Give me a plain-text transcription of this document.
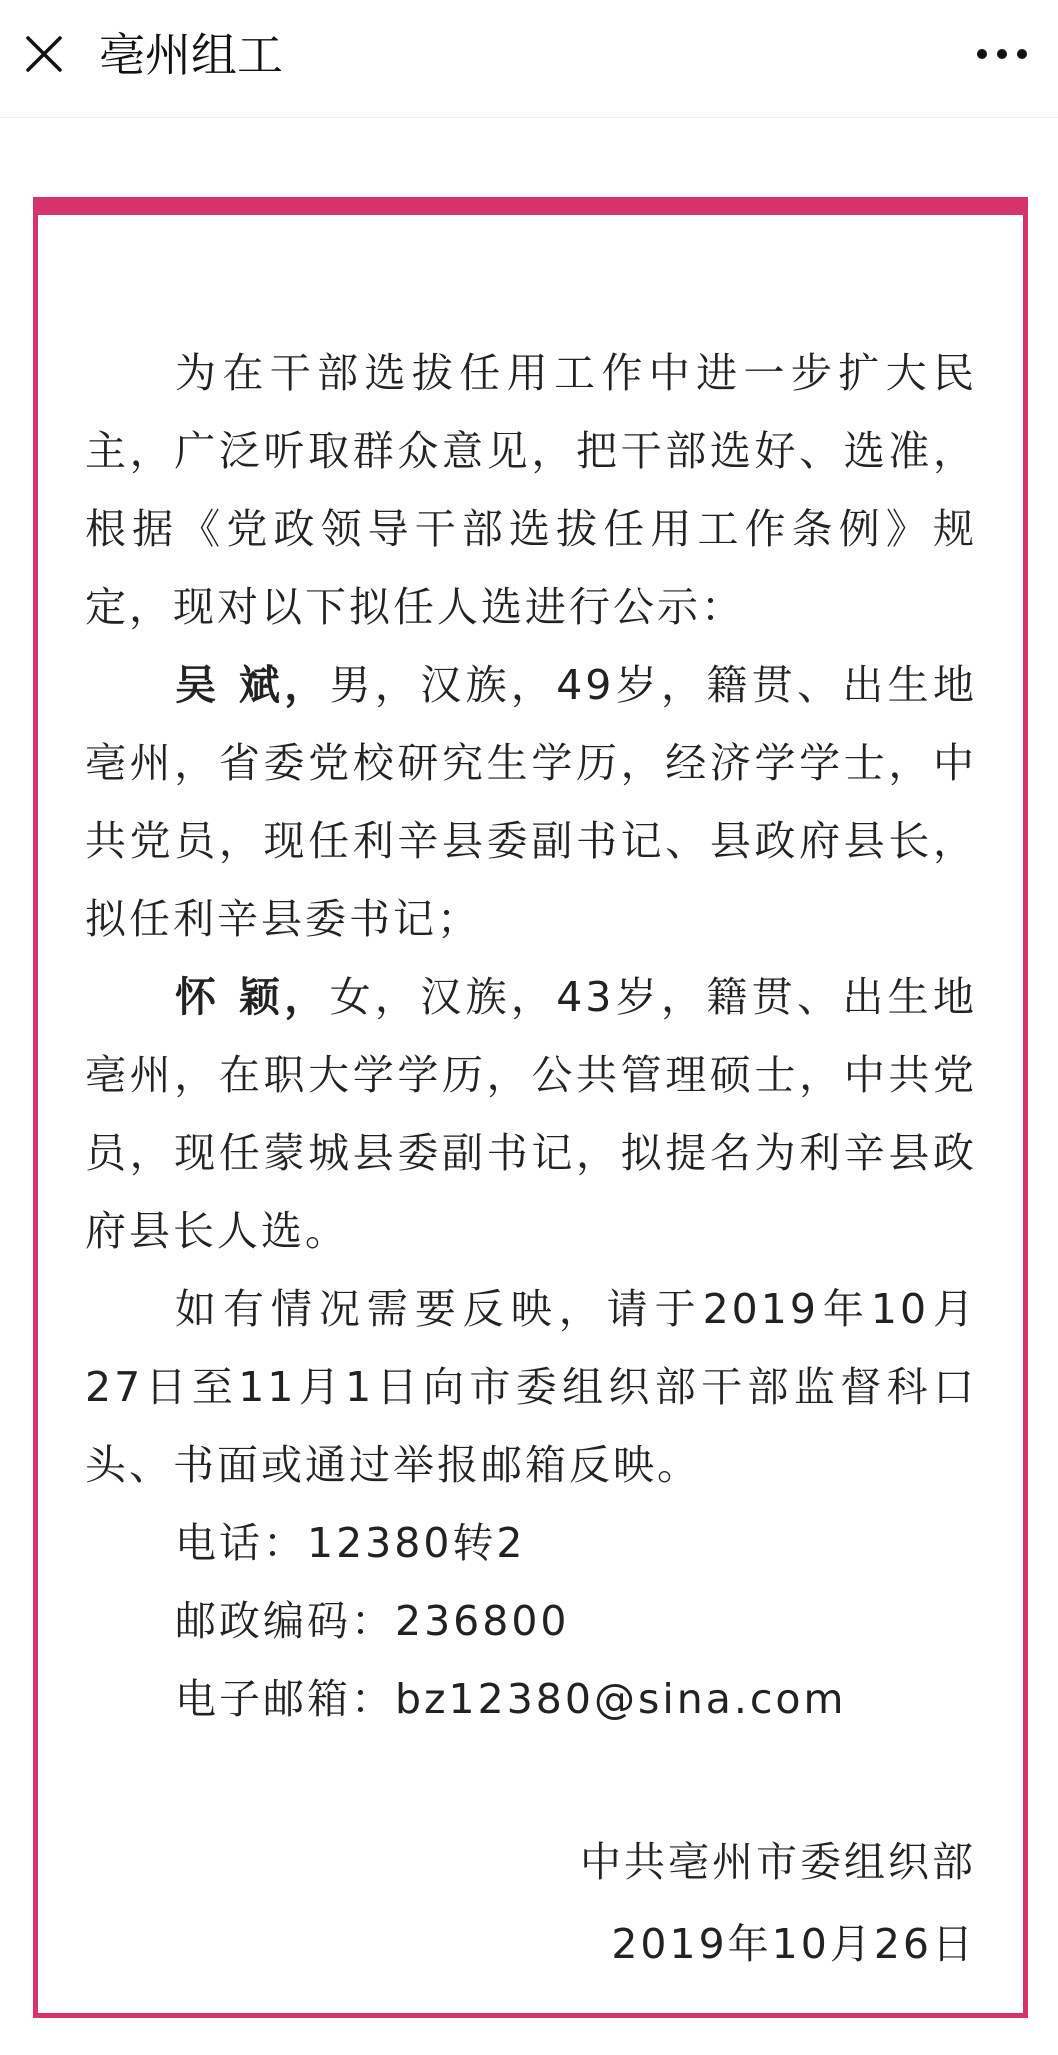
亳州组工

为在干部选拔任用工作中进一步扩大民主，广泛听取群众意见，把干部选好、选准，根据《党政领导干部选拔任用工作条例》规定，现对以下拟任人选进行公示：

吴 斌，男，汉族，49岁，籍贯、出生地亳州，省委党校研究生学历，经济学学士，中共党员，现任利辛县委副书记、县政府县长，拟任利辛县委书记；

怀 颖，女，汉族，43岁，籍贯、出生地亳州，在职大学学历，公共管理硕士，中共党员，现任蒙城县委副书记，拟提名为利辛县政府县长人选。

如有情况需要反映，请于2019年10月27日至11月1日向市委组织部干部监督科口头、书面或通过举报邮箱反映。

电话：12380转2

邮政编码：236800

电子邮箱：bz12380@sina.com

中共亳州市委组织部

2019年10月26日
